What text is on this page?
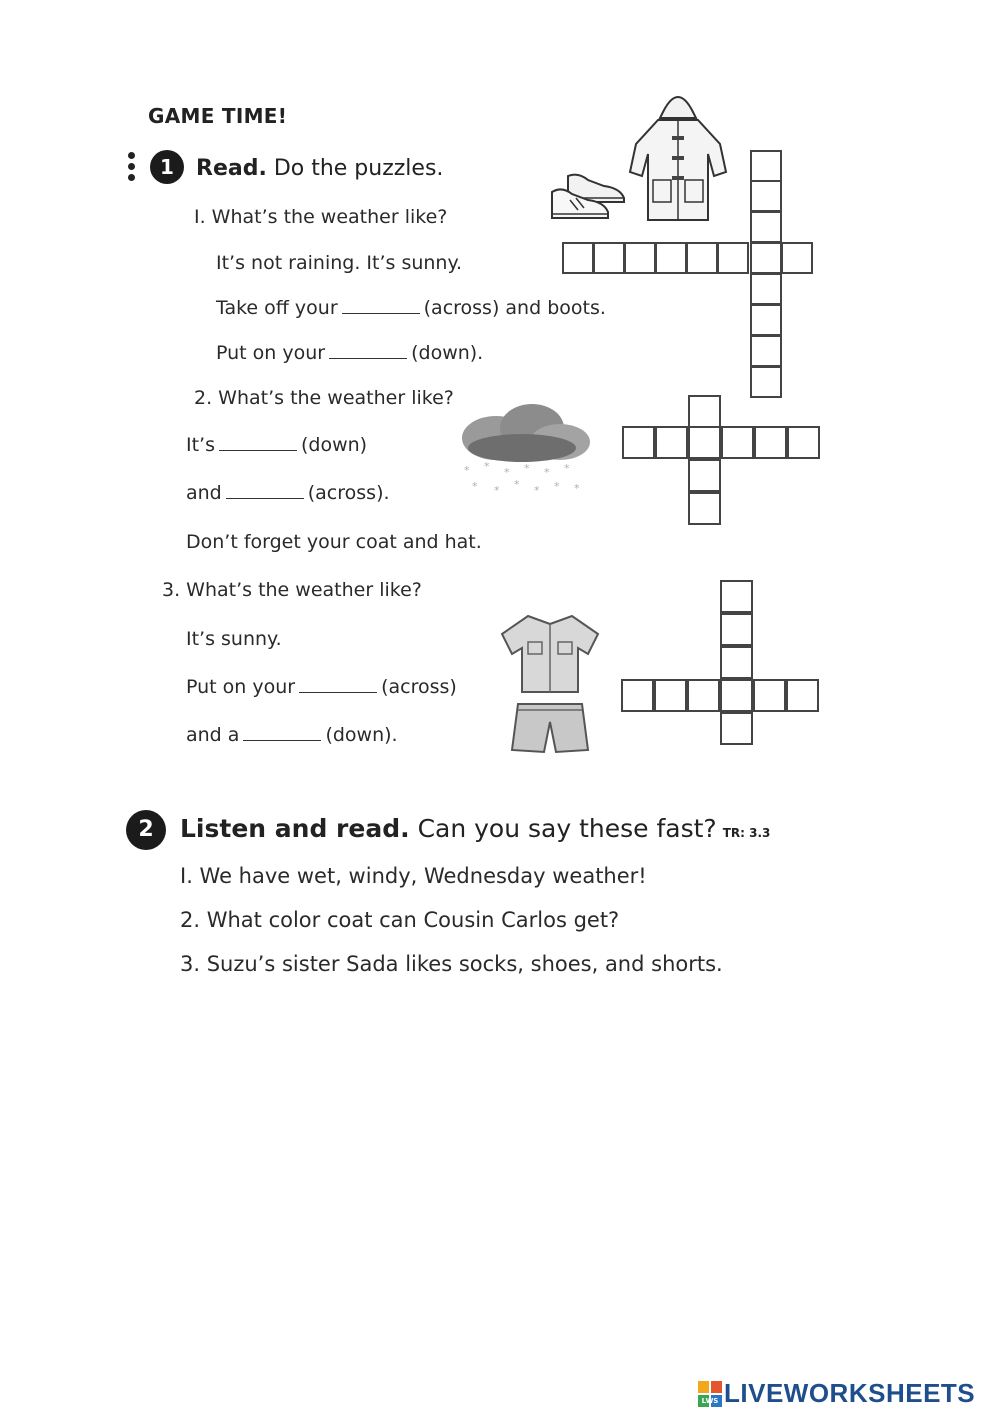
GAME TIME!
1	Read. Do the puzzles.
I. What’s the weather like?
It’s not raining. It’s sunny.
Take off your	(across) and boots.
Put on your	(down).
2. What’s the weather like?
It’s	(down)
and	(across).
Don’t forget your coat and hat.
3. What’s the weather like?
It’s sunny.
Put on your	(across)
and a	(down).
* * * * * *
* * * * * *
2	Listen and read. Can you say these fast? TR: 3.3
I. We have wet, windy, Wednesday weather!
2. What color coat can Cousin Carlos get?
3. Suzu’s sister Sada likes socks, shoes, and shorts.
LWS LIVEWORKSHEETS
